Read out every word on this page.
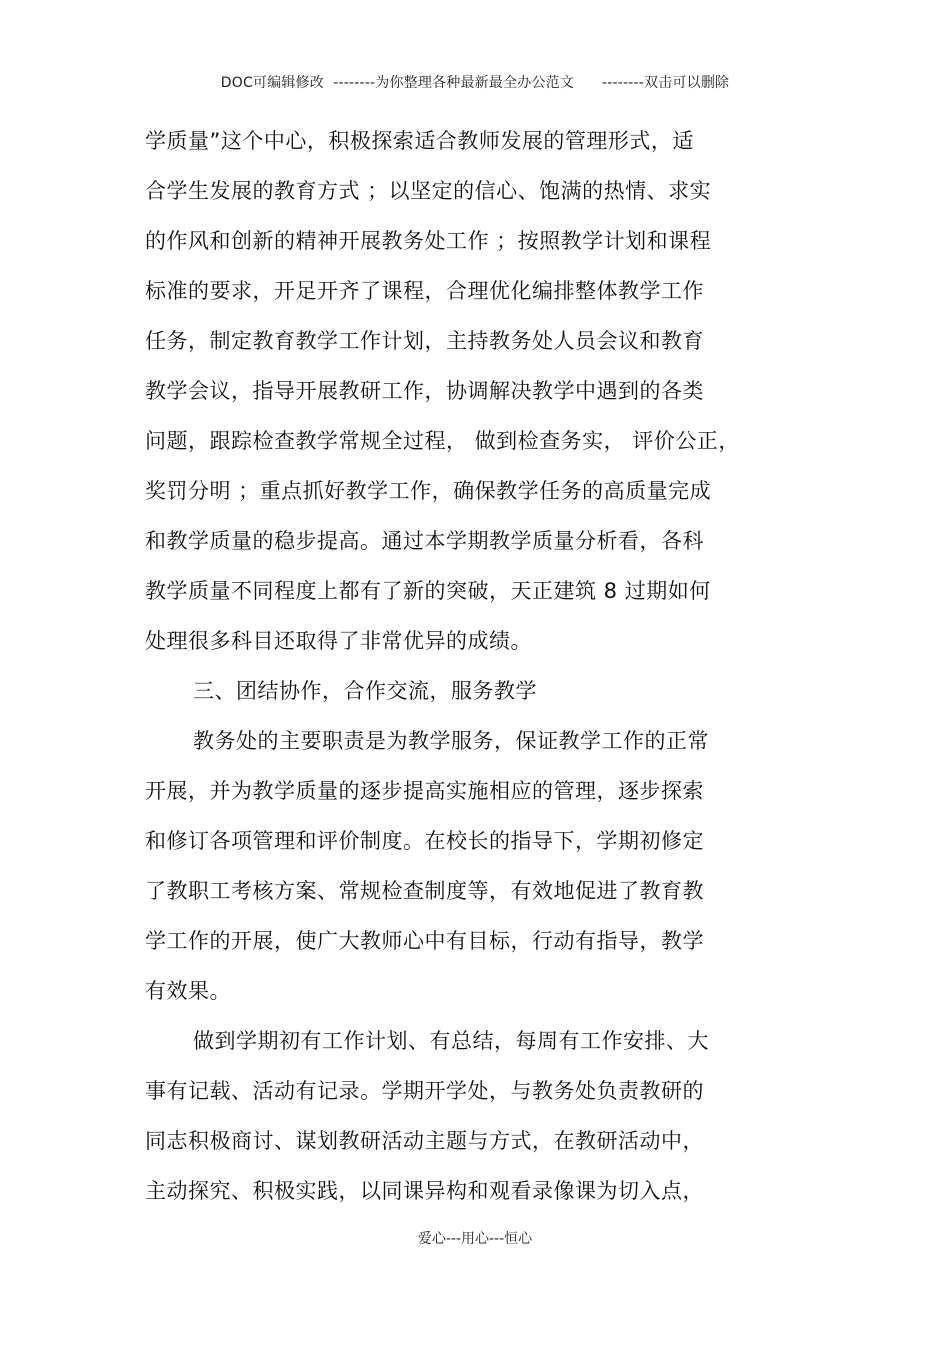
DOC可编辑修改 --------为你整理各种最新最全办公范文 --------双击可以删除
学质量”这个中心，积极探索适合教师发展的管理形式，适
合学生发展的教育方式 ；以坚定的信心、饱满的热情、求实
的作风和创新的精神开展教务处工作 ；按照教学计划和课程
标准的要求，开足开齐了课程，合理优化编排整体教学工作
任务，制定教育教学工作计划，主持教务处人员会议和教育
教学会议，指导开展教研工作，协调解决教学中遇到的各类
问题，跟踪检查教学常规全过程， 做到检查务实， 评价公正，
奖罚分明 ；重点抓好教学工作，确保教学任务的高质量完成
和教学质量的稳步提高。通过本学期教学质量分析看，各科
教学质量不同程度上都有了新的突破，天正建筑 8 过期如何
处理很多科目还取得了非常优异的成绩。
三、团结协作，合作交流，服务教学
教务处的主要职责是为教学服务，保证教学工作的正常
开展，并为教学质量的逐步提高实施相应的管理，逐步探索
和修订各项管理和评价制度。在校长的指导下，学期初修定
了教职工考核方案、常规检查制度等，有效地促进了教育教
学工作的开展，使广大教师心中有目标，行动有指导，教学
有效果。
做到学期初有工作计划、有总结，每周有工作安排、大
事有记载、活动有记录。学期开学处，与教务处负责教研的
同志积极商讨、谋划教研活动主题与方式，在教研活动中，
主动探究、积极实践，以同课异构和观看录像课为切入点，
爱心---用心---恒心
